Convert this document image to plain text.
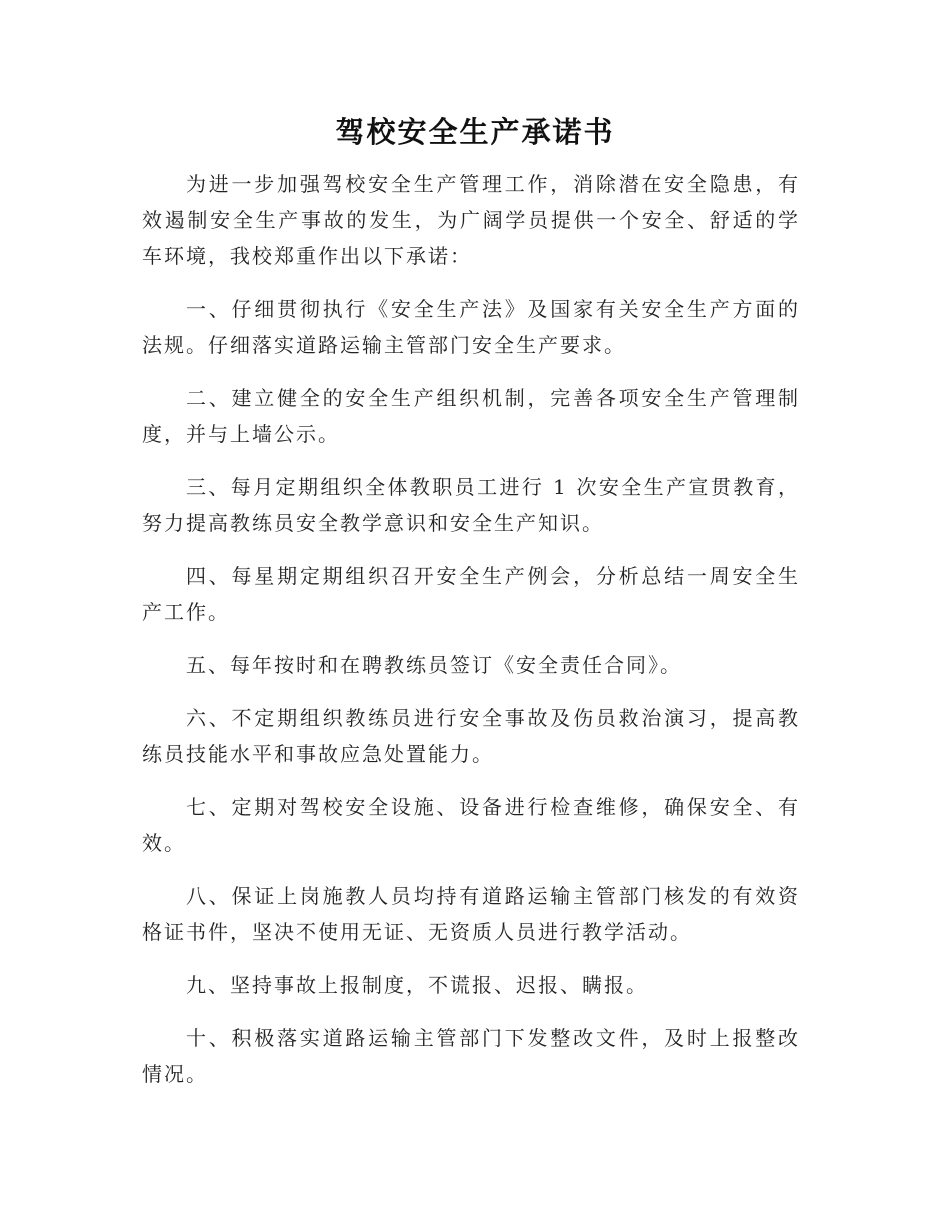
驾校安全生产承诺书

为进一步加强驾校安全生产管理工作，消除潜在安全隐患，有效遏制安全生产事故的发生，为广阔学员提供一个安全、舒适的学车环境，我校郑重作出以下承诺：

一、仔细贯彻执行《安全生产法》及国家有关安全生产方面的法规。仔细落实道路运输主管部门安全生产要求。

二、建立健全的安全生产组织机制，完善各项安全生产管理制度，并与上墙公示。

三、每月定期组织全体教职员工进行 1 次安全生产宣贯教育，努力提高教练员安全教学意识和安全生产知识。

四、每星期定期组织召开安全生产例会，分析总结一周安全生产工作。

五、每年按时和在聘教练员签订《安全责任合同》。

六、不定期组织教练员进行安全事故及伤员救治演习，提高教练员技能水平和事故应急处置能力。

七、定期对驾校安全设施、设备进行检查维修，确保安全、有效。

八、保证上岗施教人员均持有道路运输主管部门核发的有效资格证书件，坚决不使用无证、无资质人员进行教学活动。

九、坚持事故上报制度，不谎报、迟报、瞒报。

十、积极落实道路运输主管部门下发整改文件，及时上报整改情况。
